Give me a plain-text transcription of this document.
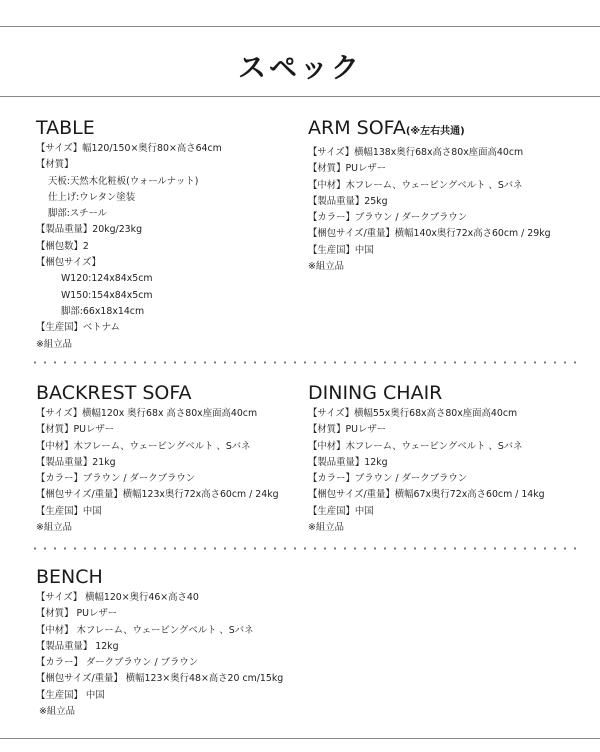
スペック
TABLE
【サイズ】幅120/150×奥行80×高さ64cm
【材質】
天板:天然木化粧板(ウォールナット)
仕上げ:ウレタン塗装
脚部:スチール
【製品重量】20kg/23kg
【梱包数】2
【梱包サイズ】
W120:124x84x5cm
W150:154x84x5cm
脚部:66x18x14cm
【生産国】ベトナム
※組立品
ARM SOFA(※左右共通)
【サイズ】横幅138x奥行68x高さ80x座面高40cm
【材質】PUレザー
【中材】木フレーム、ウェービングベルト 、Sバネ
【製品重量】25kg
【カラー】ブラウン / ダークブラウン
【梱包サイズ/重量】横幅140x奥行72x高さ60cm / 29kg
【生産国】中国
※組立品
BACKREST SOFA
【サイズ】横幅120x 奥行68x 高さ80x座面高40cm
【材質】PUレザー
【中材】木フレーム、ウェービングベルト 、Sバネ
【製品重量】21kg
【カラー】ブラウン / ダークブラウン
【梱包サイズ/重量】横幅123x奥行72x高さ60cm / 24kg
【生産国】中国
※組立品
DINING CHAIR
【サイズ】横幅55x奥行68x高さ80x座面高40cm
【材質】PUレザー
【中材】木フレーム、ウェービングベルト 、Sバネ
【製品重量】12kg
【カラー】ブラウン / ダークブラウン
【梱包サイズ/重量】横幅67x奥行72x高さ60cm / 14kg
【生産国】中国
※組立品
BENCH
【サイズ】 横幅120×奥行46×高さ40
【材質】 PUレザー
【中材】 木フレーム、ウェービングベルト 、Sバネ
【製品重量】 12kg
【カラー】 ダークブラウン / ブラウン
【梱包サイズ/重量】 横幅123×奥行48×高さ20 cm/15kg
【生産国】 中国
※組立品
